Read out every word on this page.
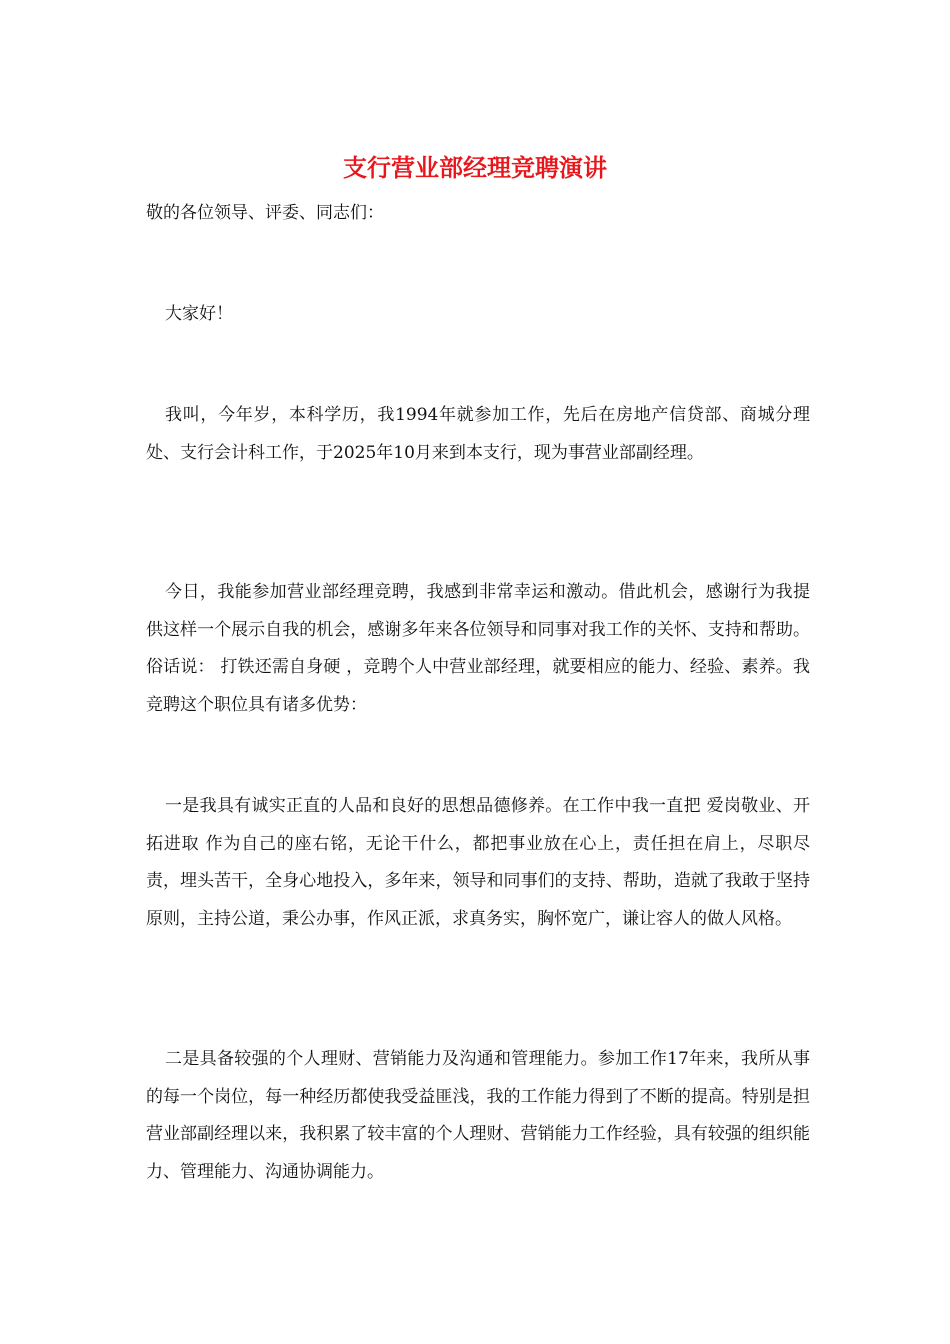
支行营业部经理竞聘演讲

敬的各位领导、评委、同志们：

大家好！

我叫，今年岁，本科学历，我1994年就参加工作，先后在房地产信贷部、商城分理处、支行会计科工作，于2025年10月来到本支行，现为事营业部副经理。

今日，我能参加营业部经理竞聘，我感到非常幸运和激动。借此机会，感谢行为我提供这样一个展示自我的机会，感谢多年来各位领导和同事对我工作的关怀、支持和帮助。俗话说： 打铁还需自身硬 ，竞聘个人中营业部经理，就要相应的能力、经验、素养。我竞聘这个职位具有诸多优势：

一是我具有诚实正直的人品和良好的思想品德修养。在工作中我一直把 爱岗敬业、开拓进取 作为自己的座右铭，无论干什么，都把事业放在心上，责任担在肩上，尽职尽责，埋头苦干，全身心地投入，多年来，领导和同事们的支持、帮助，造就了我敢于坚持原则，主持公道，秉公办事，作风正派，求真务实，胸怀宽广，谦让容人的做人风格。

二是具备较强的个人理财、营销能力及沟通和管理能力。参加工作17年来，我所从事的每一个岗位，每一种经历都使我受益匪浅，我的工作能力得到了不断的提高。特别是担营业部副经理以来，我积累了较丰富的个人理财、营销能力工作经验，具有较强的组织能力、管理能力、沟通协调能力。
